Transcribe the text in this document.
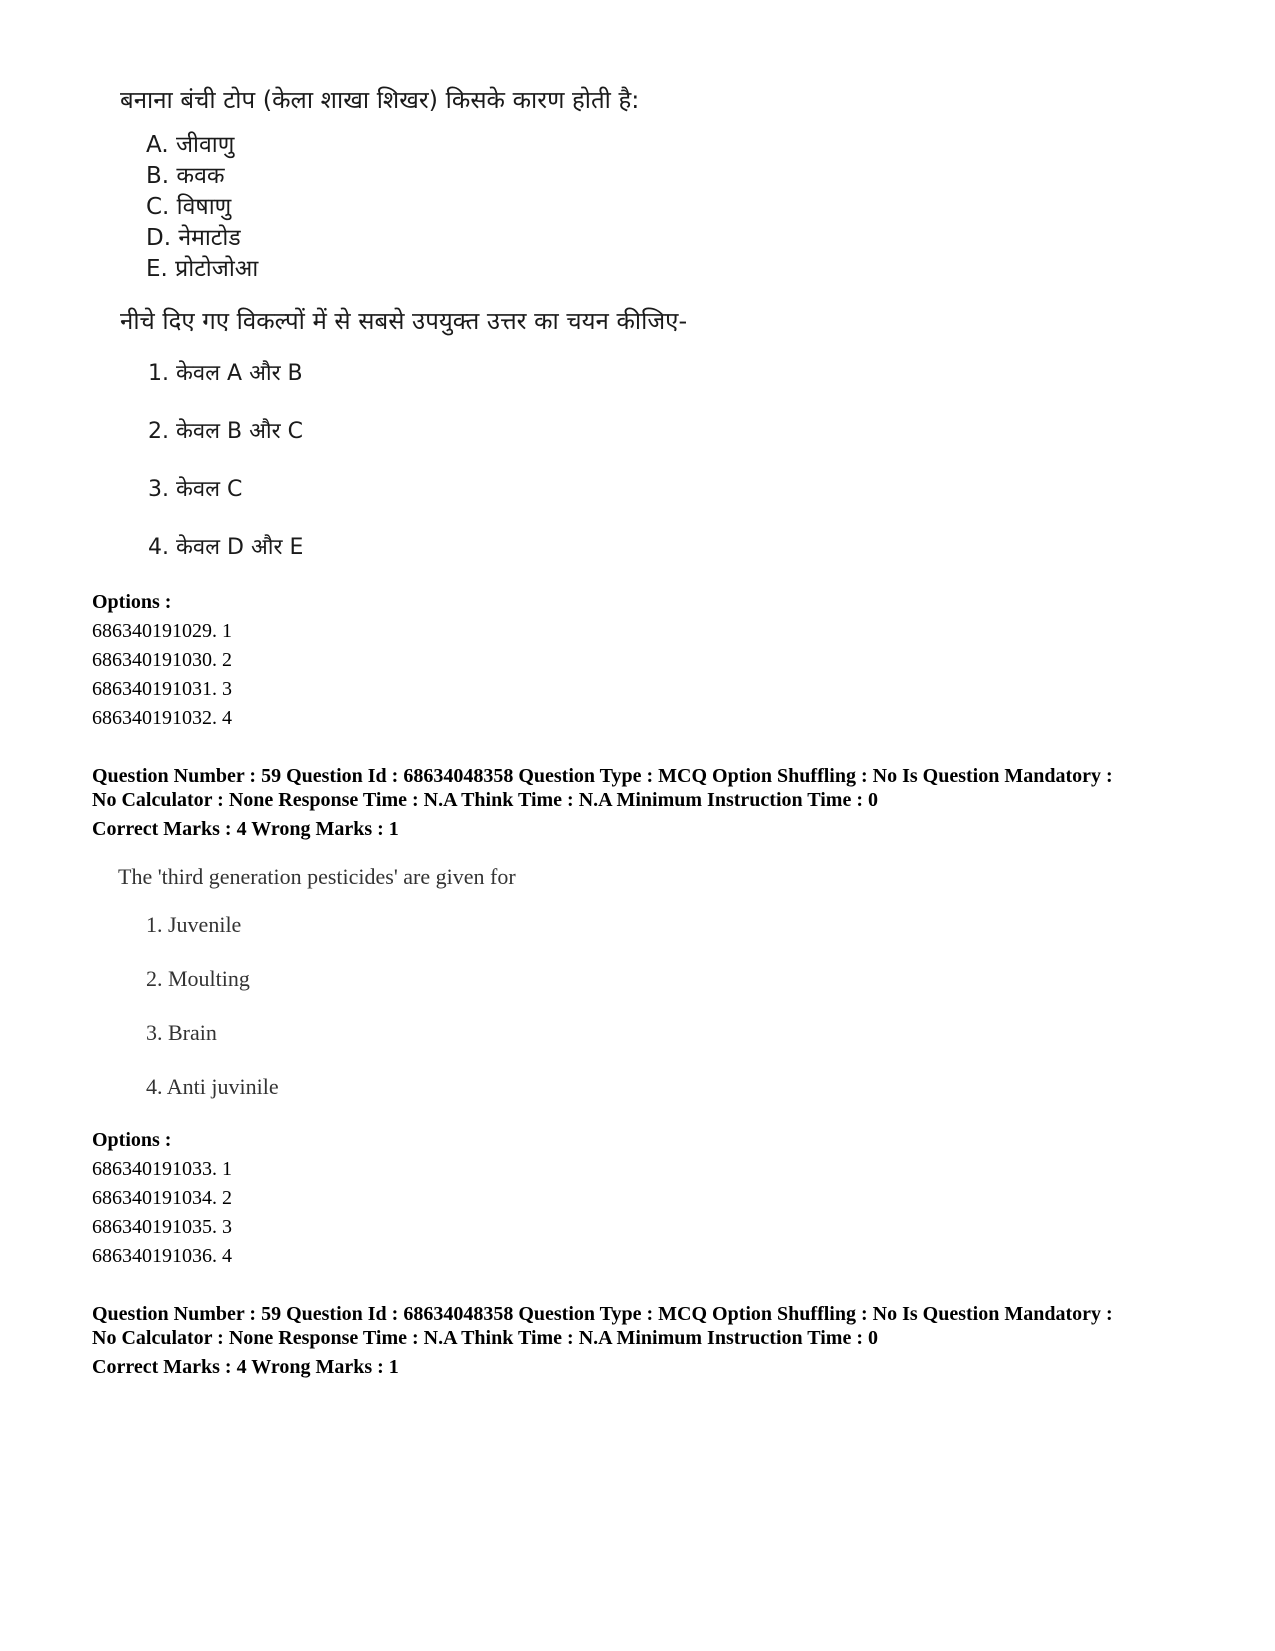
बनाना बंची टोप (केला शाखा शिखर) किसके कारण होती है:
A. जीवाणु
B. कवक
C. विषाणु
D. नेमाटोड
E. प्रोटोजोआ
नीचे दिए गए विकल्पों में से सबसे उपयुक्त उत्तर का चयन कीजिए-
1. केवल A और B
2. केवल B और C
3. केवल C
4. केवल D और E
Options :
686340191029. 1
686340191030. 2
686340191031. 3
686340191032. 4
Question Number : 59 Question Id : 68634048358 Question Type : MCQ Option Shuffling : No Is Question Mandatory :
No Calculator : None Response Time : N.A Think Time : N.A Minimum Instruction Time : 0
Correct Marks : 4 Wrong Marks : 1
The 'third generation pesticides' are given for
1. Juvenile
2. Moulting
3. Brain
4. Anti juvinile
Options :
686340191033. 1
686340191034. 2
686340191035. 3
686340191036. 4
Question Number : 59 Question Id : 68634048358 Question Type : MCQ Option Shuffling : No Is Question Mandatory :
No Calculator : None Response Time : N.A Think Time : N.A Minimum Instruction Time : 0
Correct Marks : 4 Wrong Marks : 1
